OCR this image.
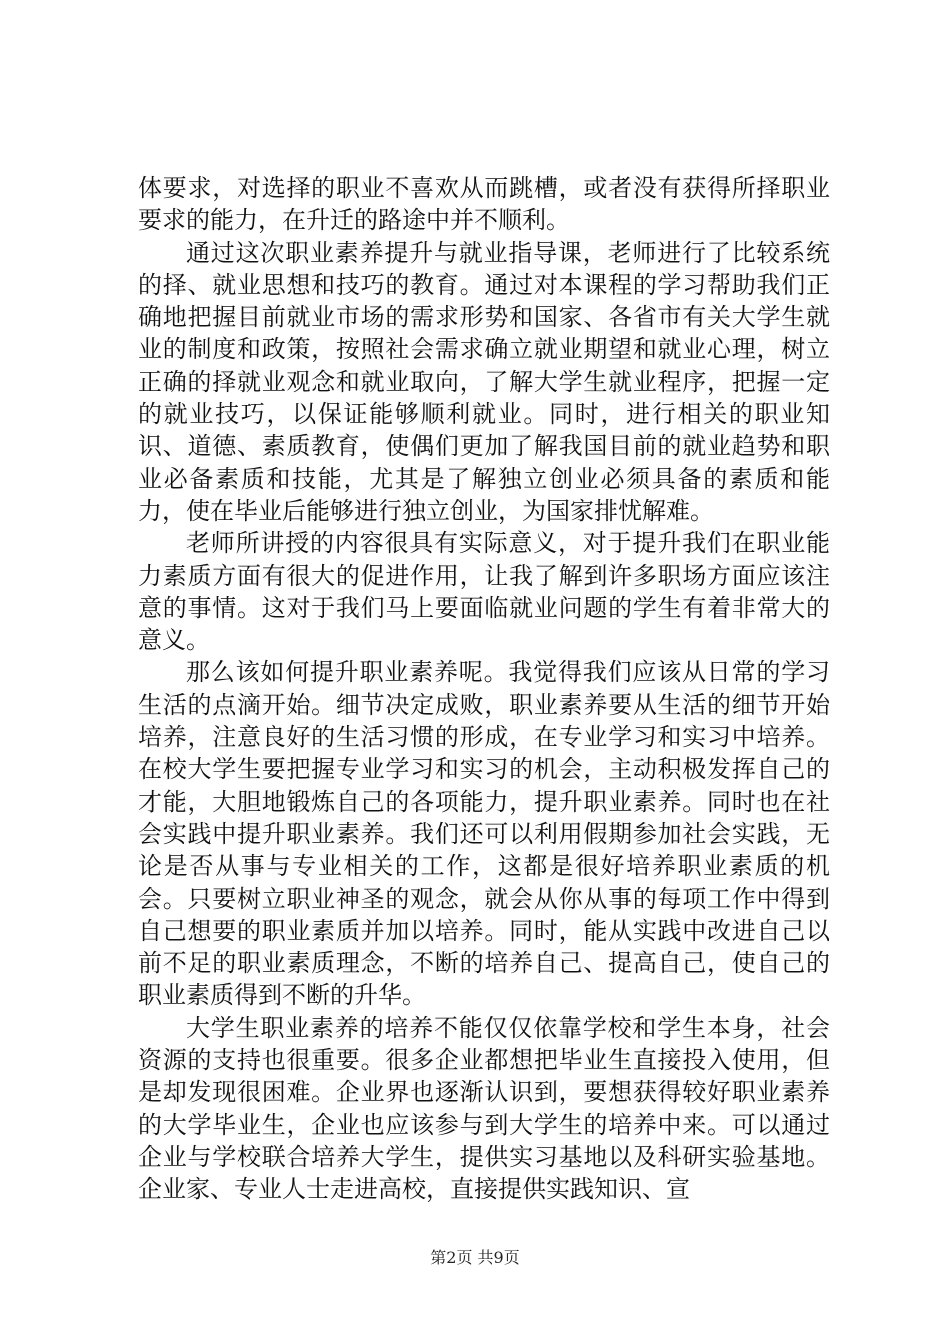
体要求，对选择的职业不喜欢从而跳槽，或者没有获得所择职业要求的能力，在升迁的路途中并不顺利。

通过这次职业素养提升与就业指导课，老师进行了比较系统的择、就业思想和技巧的教育。通过对本课程的学习帮助我们正确地把握目前就业市场的需求形势和国家、各省市有关大学生就业的制度和政策，按照社会需求确立就业期望和就业心理，树立正确的择就业观念和就业取向，了解大学生就业程序，把握一定的就业技巧，以保证能够顺利就业。同时，进行相关的职业知识、道德、素质教育，使偶们更加了解我国目前的就业趋势和职业必备素质和技能，尤其是了解独立创业必须具备的素质和能力，使在毕业后能够进行独立创业，为国家排忧解难。

老师所讲授的内容很具有实际意义，对于提升我们在职业能力素质方面有很大的促进作用，让我了解到许多职场方面应该注意的事情。这对于我们马上要面临就业问题的学生有着非常大的意义。

那么该如何提升职业素养呢。我觉得我们应该从日常的学习生活的点滴开始。细节决定成败，职业素养要从生活的细节开始培养，注意良好的生活习惯的形成，在专业学习和实习中培养。在校大学生要把握专业学习和实习的机会，主动积极发挥自己的才能，大胆地锻炼自己的各项能力，提升职业素养。同时也在社会实践中提升职业素养。我们还可以利用假期参加社会实践，无论是否从事与专业相关的工作，这都是很好培养职业素质的机会。只要树立职业神圣的观念，就会从你从事的每项工作中得到自己想要的职业素质并加以培养。同时，能从实践中改进自己以前不足的职业素质理念，不断的培养自己、提高自己，使自己的职业素质得到不断的升华。

大学生职业素养的培养不能仅仅依靠学校和学生本身，社会资源的支持也很重要。很多企业都想把毕业生直接投入使用，但是却发现很困难。企业界也逐渐认识到，要想获得较好职业素养的大学毕业生，企业也应该参与到大学生的培养中来。可以通过企业与学校联合培养大学生，提供实习基地以及科研实验基地。企业家、专业人士走进高校，直接提供实践知识、宣

第2页 共9页
